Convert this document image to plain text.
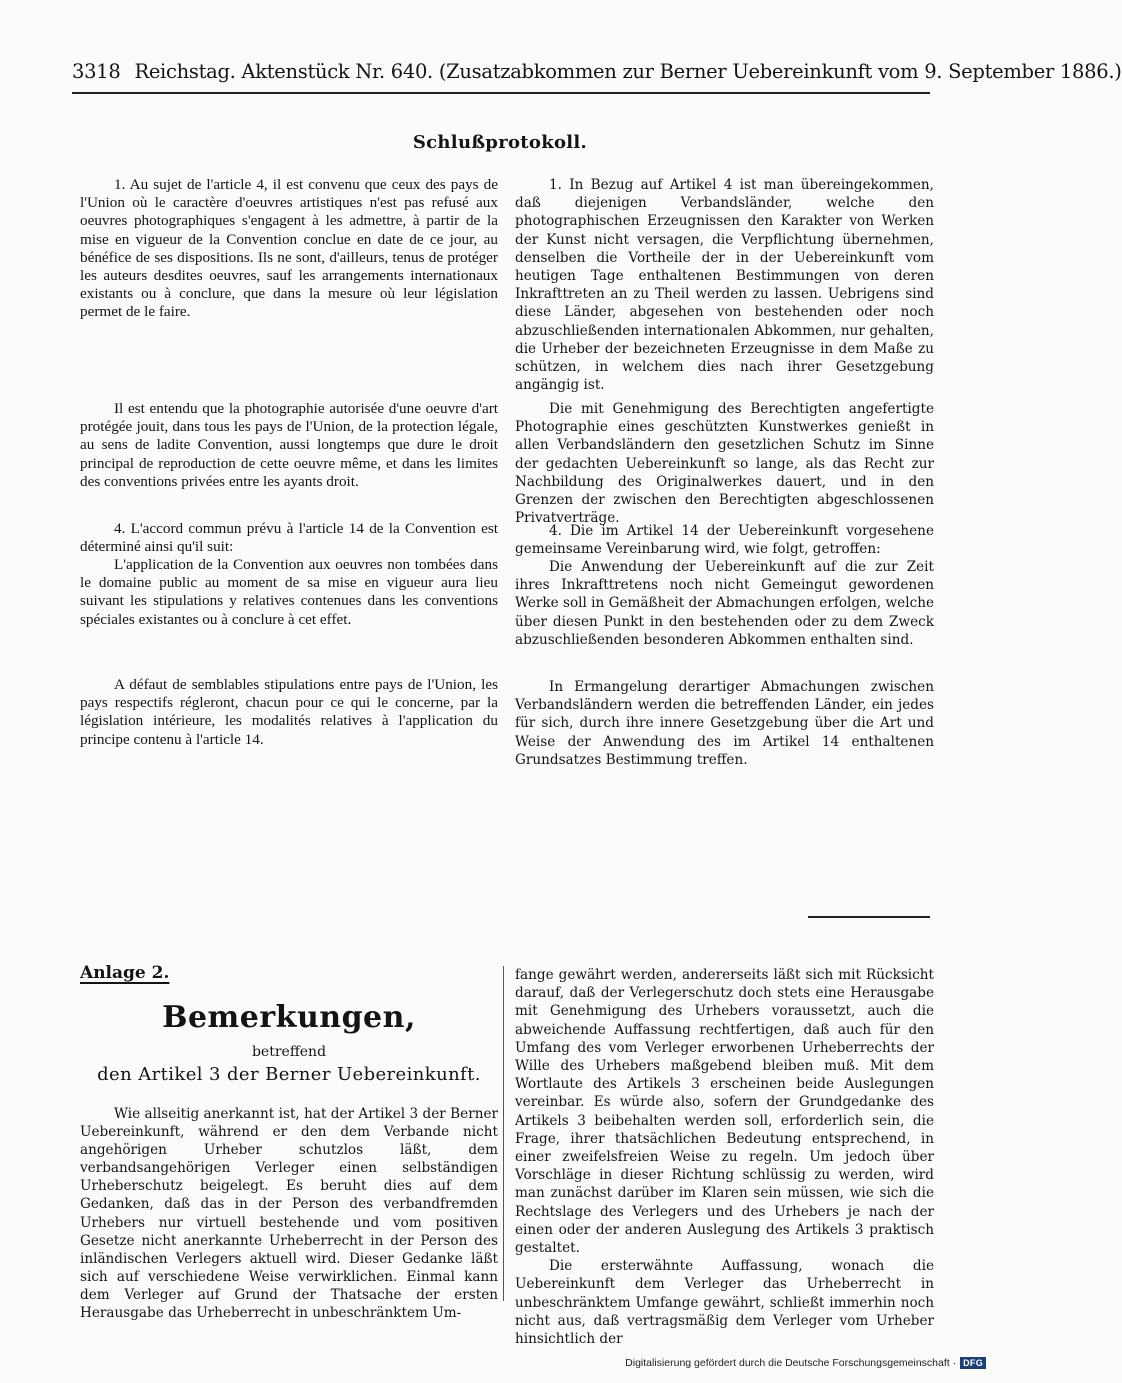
3318 Reichstag. Aktenstück Nr. 640. (Zusatzabkommen zur Berner Uebereinkunft vom 9. September 1886.)
Schlußprotokoll.

1. Au sujet de l'article 4, il est convenu que ceux des pays de l'Union où le caractère d'oeuvres artistiques n'est pas refusé aux oeuvres photographiques s'engagent à les admettre, à partir de la mise en vigueur de la Convention conclue en date de ce jour, au bénéfice de ses dispositions. Ils ne sont, d'ailleurs, tenus de protéger les auteurs desdites oeuvres, sauf les arrangements internationaux existants ou à conclure, que dans la mesure où leur législation permet de le faire.

Il est entendu que la photographie autorisée d'une oeuvre d'art protégée jouit, dans tous les pays de l'Union, de la protection légale, au sens de ladite Convention, aussi longtemps que dure le droit principal de reproduction de cette oeuvre même, et dans les limites des conventions privées entre les ayants droit.

4. L'accord commun prévu à l'article 14 de la Convention est déterminé ainsi qu'il suit:

L'application de la Convention aux oeuvres non tombées dans le domaine public au moment de sa mise en vigueur aura lieu suivant les stipulations y relatives contenues dans les conventions spéciales existantes ou à conclure à cet effet.

A défaut de semblables stipulations entre pays de l'Union, les pays respectifs régleront, chacun pour ce qui le concerne, par la législation intérieure, les modalités relatives à l'application du principe contenu à l'article 14.

1. In Bezug auf Artikel 4 ist man übereingekommen, daß diejenigen Verbandsländer, welche den photographischen Erzeugnissen den Karakter von Werken der Kunst nicht versagen, die Verpflichtung übernehmen, denselben die Vortheile der in der Uebereinkunft vom heutigen Tage enthaltenen Bestimmungen von deren Inkrafttreten an zu Theil werden zu lassen. Uebrigens sind diese Länder, abgesehen von bestehenden oder noch abzuschließenden internationalen Abkommen, nur gehalten, die Urheber der bezeichneten Erzeugnisse in dem Maße zu schützen, in welchem dies nach ihrer Gesetzgebung angängig ist.

Die mit Genehmigung des Berechtigten angefertigte Photographie eines geschützten Kunstwerkes genießt in allen Verbandsländern den gesetzlichen Schutz im Sinne der gedachten Uebereinkunft so lange, als das Recht zur Nachbildung des Originalwerkes dauert, und in den Grenzen der zwischen den Berechtigten abgeschlossenen Privatverträge.

4. Die im Artikel 14 der Uebereinkunft vorgesehene gemeinsame Vereinbarung wird, wie folgt, getroffen:

Die Anwendung der Uebereinkunft auf die zur Zeit ihres Inkrafttretens noch nicht Gemeingut gewordenen Werke soll in Gemäßheit der Abmachungen erfolgen, welche über diesen Punkt in den bestehenden oder zu dem Zweck abzuschließenden besonderen Abkommen enthalten sind.

In Ermangelung derartiger Abmachungen zwischen Verbandsländern werden die betreffenden Länder, ein jedes für sich, durch ihre innere Gesetzgebung über die Art und Weise der Anwendung des im Artikel 14 enthaltenen Grundsatzes Bestimmung treffen.

Anlage 2.
Bemerkungen,
betreffend
den Artikel 3 der Berner Uebereinkunft.

Wie allseitig anerkannt ist, hat der Artikel 3 der Berner Uebereinkunft, während er den dem Verbande nicht angehörigen Urheber schutzlos läßt, dem verbandsangehörigen Verleger einen selbständigen Urheberschutz beigelegt. Es beruht dies auf dem Gedanken, daß das in der Person des verbandfremden Urhebers nur virtuell bestehende und vom positiven Gesetze nicht anerkannte Urheberrecht in der Person des inländischen Verlegers aktuell wird. Dieser Gedanke läßt sich auf verschiedene Weise verwirklichen. Einmal kann dem Verleger auf Grund der Thatsache der ersten Herausgabe das Urheberrecht in unbeschränktem Um-

fange gewährt werden, andererseits läßt sich mit Rücksicht darauf, daß der Verlegerschutz doch stets eine Herausgabe mit Genehmigung des Urhebers voraussetzt, auch die abweichende Auffassung rechtfertigen, daß auch für den Umfang des vom Verleger erworbenen Urheberrechts der Wille des Urhebers maßgebend bleiben muß. Mit dem Wortlaute des Artikels 3 erscheinen beide Auslegungen vereinbar. Es würde also, sofern der Grundgedanke des Artikels 3 beibehalten werden soll, erforderlich sein, die Frage, ihrer thatsächlichen Bedeutung entsprechend, in einer zweifelsfreien Weise zu regeln. Um jedoch über Vorschläge in dieser Richtung schlüssig zu werden, wird man zunächst darüber im Klaren sein müssen, wie sich die Rechtslage des Verlegers und des Urhebers je nach der einen oder der anderen Auslegung des Artikels 3 praktisch gestaltet.

Die ersterwähnte Auffassung, wonach die Uebereinkunft dem Verleger das Urheberrecht in unbeschränktem Umfange gewährt, schließt immerhin noch nicht aus, daß vertragsmäßig dem Verleger vom Urheber hinsichtlich der

Digitalisierung gefördert durch die Deutsche Forschungsgemeinschaft · DFG
